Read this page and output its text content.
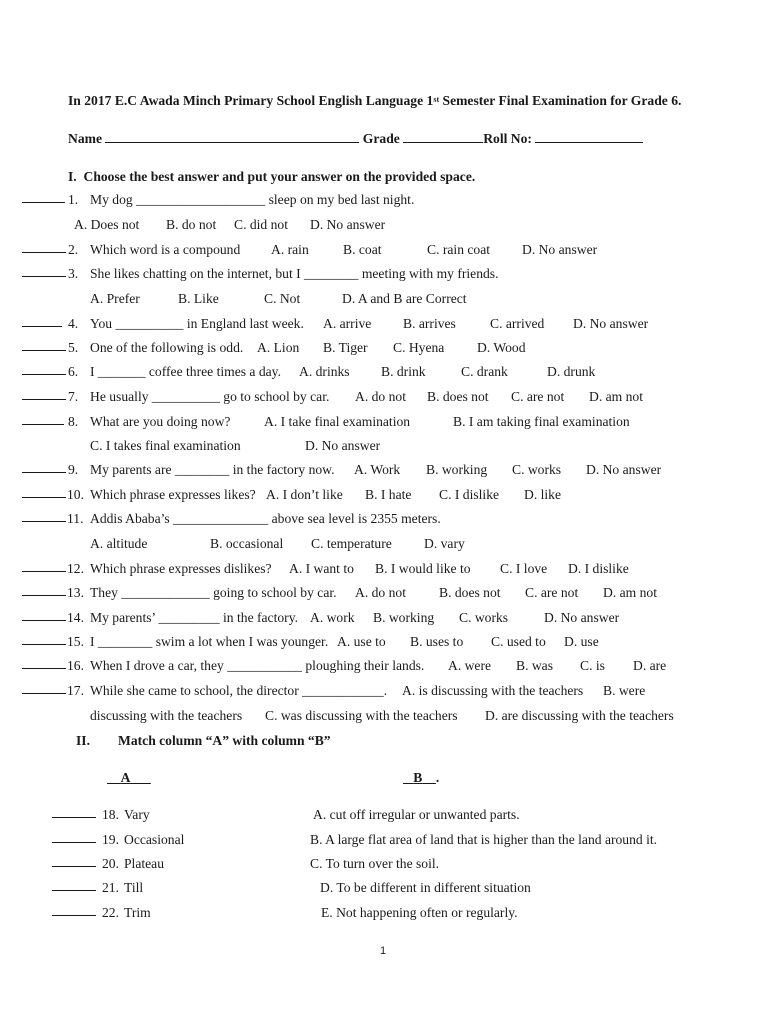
In 2017 E.C Awada Minch Primary School English Language 1st Semester Final Examination for Grade 6.
Name	Grade	Roll No:
I. Choose the best answer and put your answer on the provided space.
1. My dog ___________________ sleep on my bed last night.
A. Does not B. do not C. did not D. No answer
2. Which word is a compound A. rain	B. coat	C. rain coat D. No answer
3. She likes chatting on the internet, but I ________ meeting with my friends.
A. Prefer	B. Like	C. Not	D. A and B are Correct
4. You __________ in England last week. A. arrive B. arrives	C. arrived D. No answer
5. One of the following is odd. A. Lion B. Tiger C. Hyena D. Wood
6. I _______ coffee three times a day. A. drinks B. drink	C. drank	D. drunk
7. He usually __________ go to school by car. A. do not B. does not C. are not D. am not
8. What are you doing now? A. I take final examination	B. I am taking final examination
C. I takes final examination	D. No answer
9. My parents are ________ in the factory now. A. Work B. working C. works D. No answer
10. Which phrase expresses likes? A. I don’t like B. I hate C. I dislike D. like
11. Addis Ababa’s ______________ above sea level is 2355 meters.
A. altitude	B. occasional C. temperature D. vary
12. Which phrase expresses dislikes? A. I want to B. I would like to C. I love D. I dislike
13. They _____________ going to school by car. A. do not B. does not C. are not D. am not
14. My parents’ _________ in the factory. A. work B. working C. works	D. No answer
15. I ________ swim a lot when I was younger. A. use to B. uses to C. used to D. use
16. When I drove a car, they ___________ ploughing their lands. A. were B. was C. is D. are
17. While she came to school, the director ____________. A. is discussing with the teachers B. were
discussing with the teachers C. was discussing with the teachers D. are discussing with the teachers
II. Match column “A” with column “B”
A	B .
18. Vary	A. cut off irregular or unwanted parts.
19. Occasional	B. A large flat area of land that is higher than the land around it.
20. Plateau	C. To turn over the soil.
21. Till	D. To be different in different situation
22. Trim	E. Not happening often or regularly.
1
